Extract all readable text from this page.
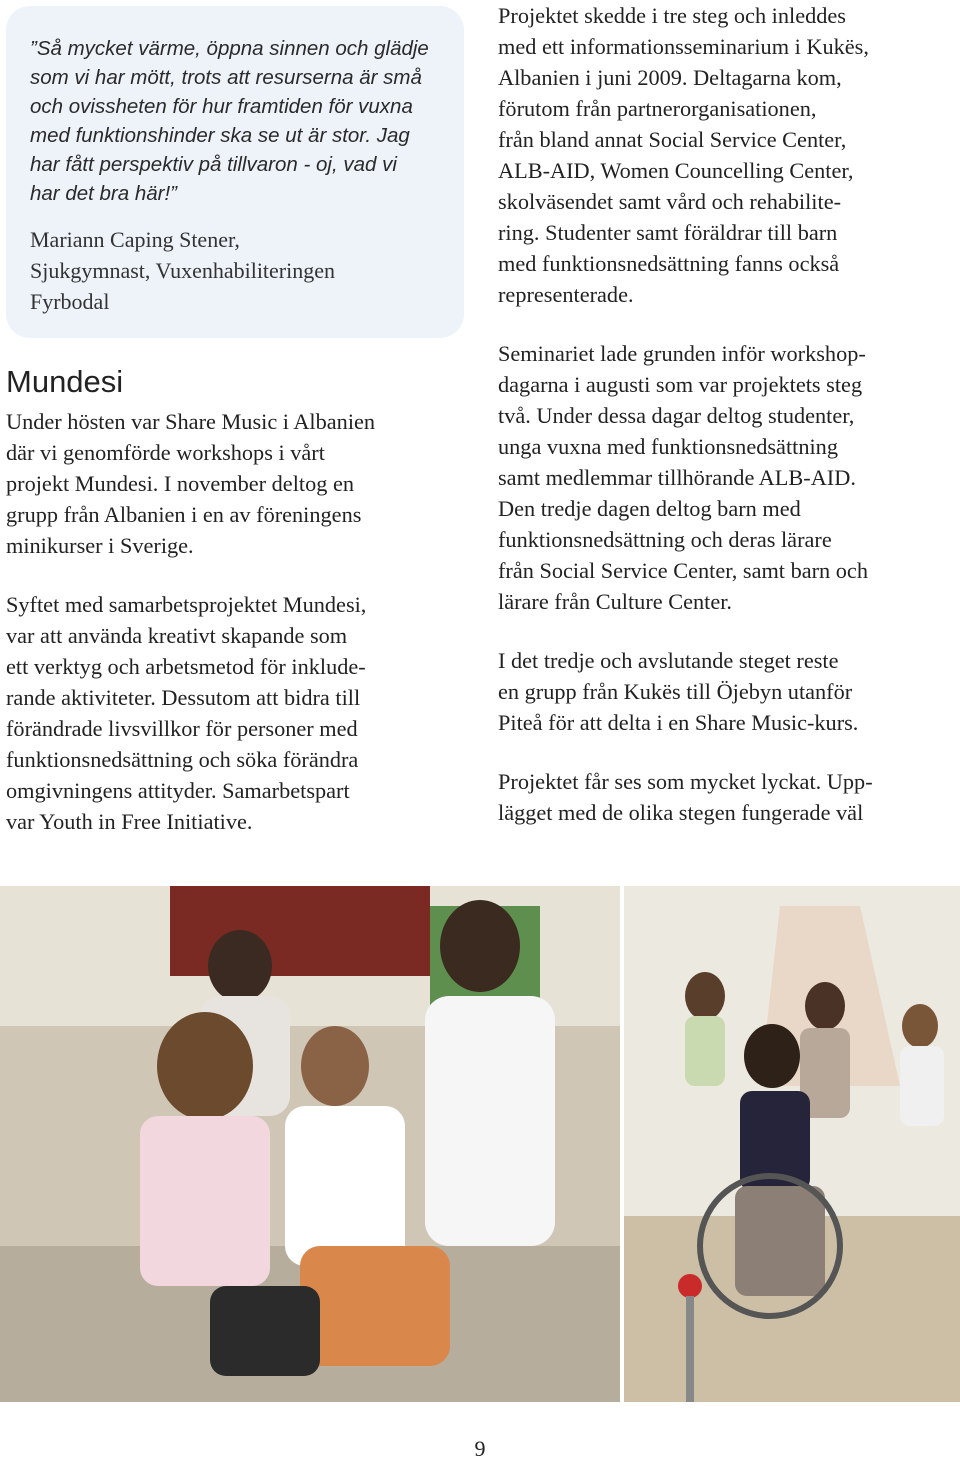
”Så mycket värme, öppna sinnen och glädje
som vi har mött, trots att resurserna är små
och ovissheten för hur framtiden för vuxna
med funktionshinder ska se ut är stor. Jag
har fått perspektiv på tillvaron - oj, vad vi
har det bra här!”
Mariann Caping Stener,
Sjukgymnast, Vuxenhabiliteringen
Fyrbodal
Mundesi
Under hösten var Share Music i Albanien
där vi genomförde workshops i vårt
projekt Mundesi. I november deltog en
grupp från Albanien i en av föreningens
minikurser i Sverige.
Syftet med samarbetsprojektet Mundesi,
var att använda kreativt skapande som
ett verktyg och arbetsmetod för inklude-
rande aktiviteter. Dessutom att bidra till
förändrade livsvillkor för personer med
funktionsnedsättning och söka förändra
omgivningens attityder. Samarbetspart
var Youth in Free Initiative.
Projektet skedde i tre steg och inleddes
med ett informationsseminarium i Kukës,
Albanien i juni 2009. Deltagarna kom,
förutom från partnerorganisationen,
från bland annat Social Service Center,
ALB-AID, Women Councelling Center,
skolväsendet samt vård och rehabilite-
ring. Studenter samt föräldrar till barn
med funktionsnedsättning fanns också
representerade.
Seminariet lade grunden inför workshop-
dagarna i augusti som var projektets steg
två. Under dessa dagar deltog studenter,
unga vuxna med funktionsnedsättning
samt medlemmar tillhörande ALB-AID.
Den tredje dagen deltog barn med
funktionsnedsättning och deras lärare
från Social Service Center, samt barn och
lärare från Culture Center.
I det tredje och avslutande steget reste
en grupp från Kukës till Öjebyn utanför
Piteå för att delta i en Share Music-kurs.
Projektet får ses som mycket lyckat. Upp-
lägget med de olika stegen fungerade väl
9
